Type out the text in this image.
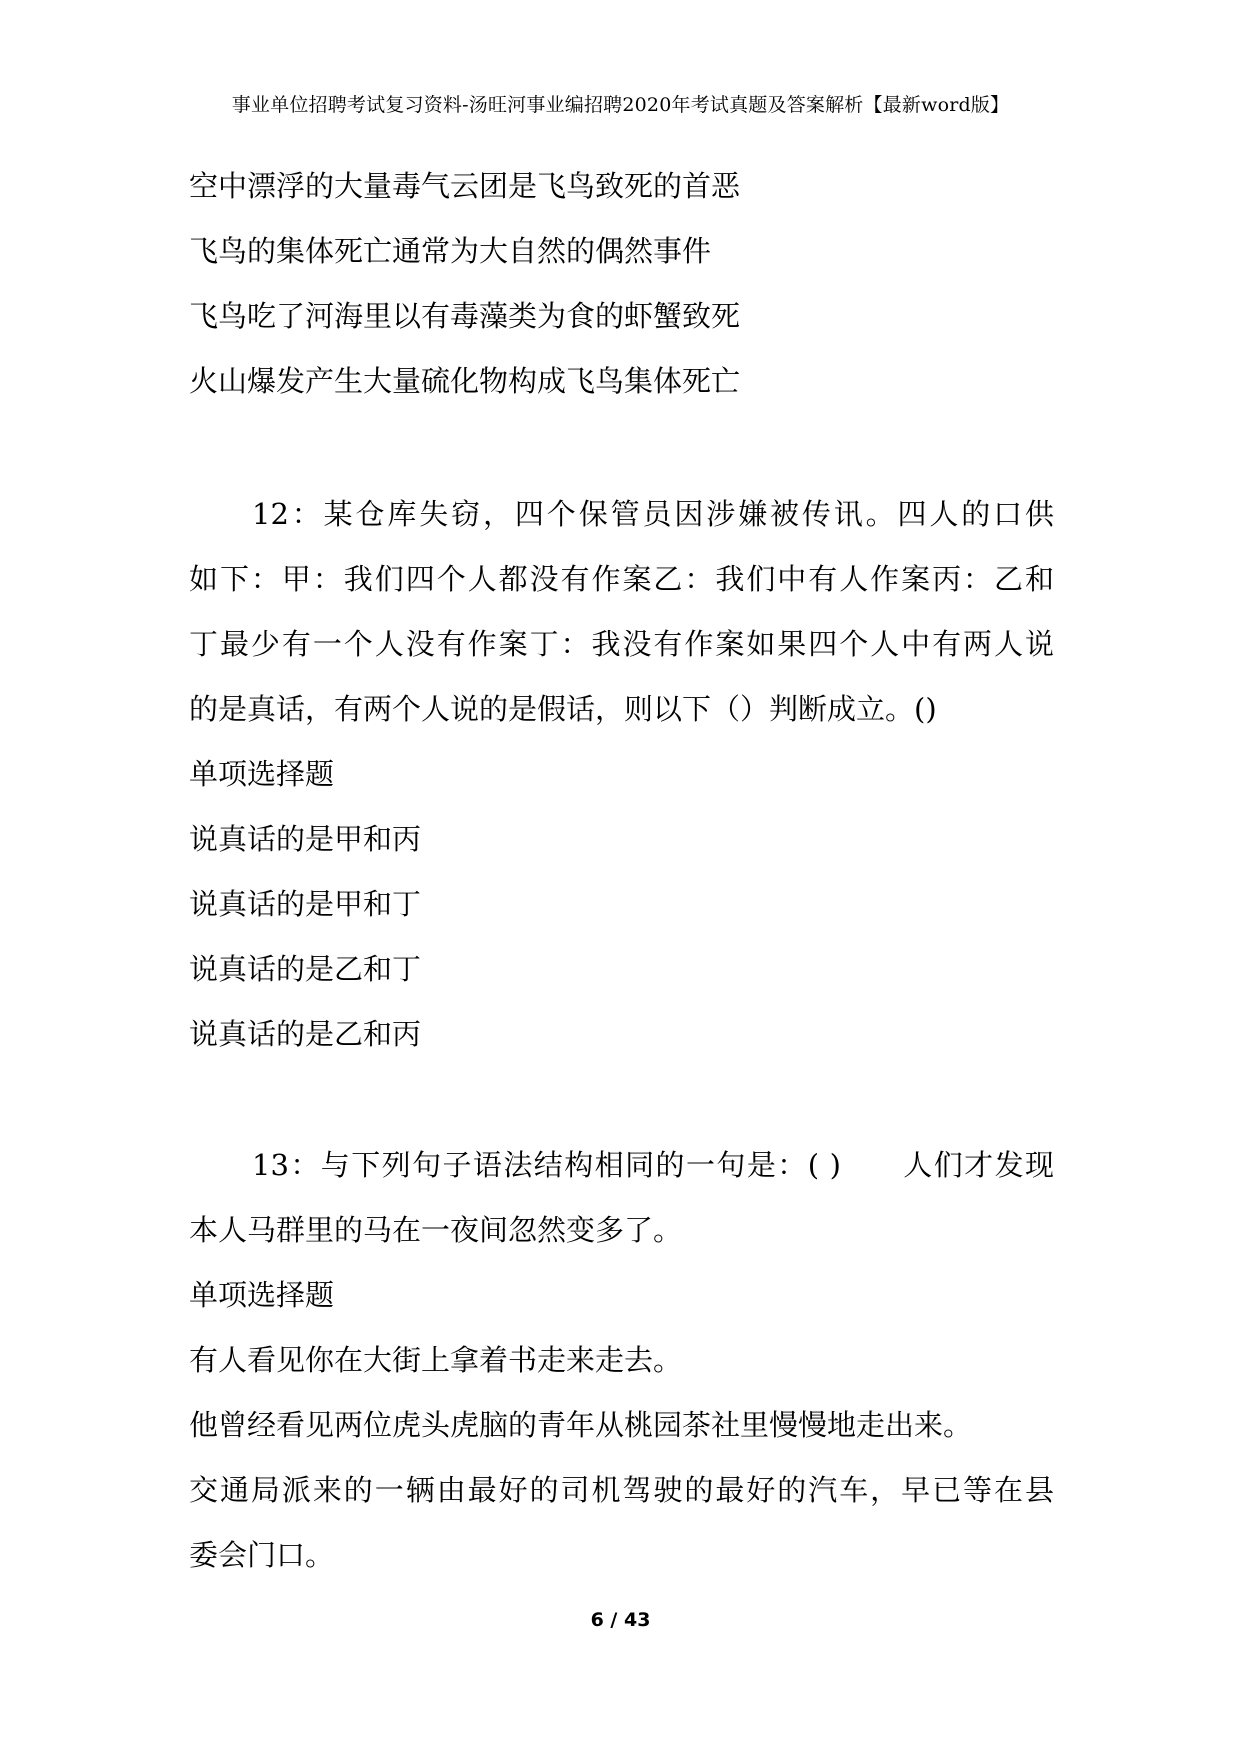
事业单位招聘考试复习资料-汤旺河事业编招聘2020年考试真题及答案解析【最新word版】
空中漂浮的大量毒气云团是飞鸟致死的首恶
飞鸟的集体死亡通常为大自然的偶然事件
飞鸟吃了河海里以有毒藻类为食的虾蟹致死
火山爆发产生大量硫化物构成飞鸟集体死亡
12：某仓库失窃，四个保管员因涉嫌被传讯。四人的口供
如下：甲：我们四个人都没有作案乙：我们中有人作案丙：乙和
丁最少有一个人没有作案丁：我没有作案如果四个人中有两人说
的是真话，有两个人说的是假话，则以下（）判断成立。()
单项选择题
说真话的是甲和丙
说真话的是甲和丁
说真话的是乙和丁
说真话的是乙和丙
13：与下列句子语法结构相同的一句是：( )　　人们才发现
本人马群里的马在一夜间忽然变多了。
单项选择题
有人看见你在大街上拿着书走来走去。
他曾经看见两位虎头虎脑的青年从桃园茶社里慢慢地走出来。
交通局派来的一辆由最好的司机驾驶的最好的汽车，早已等在县
委会门口。
6 / 43
